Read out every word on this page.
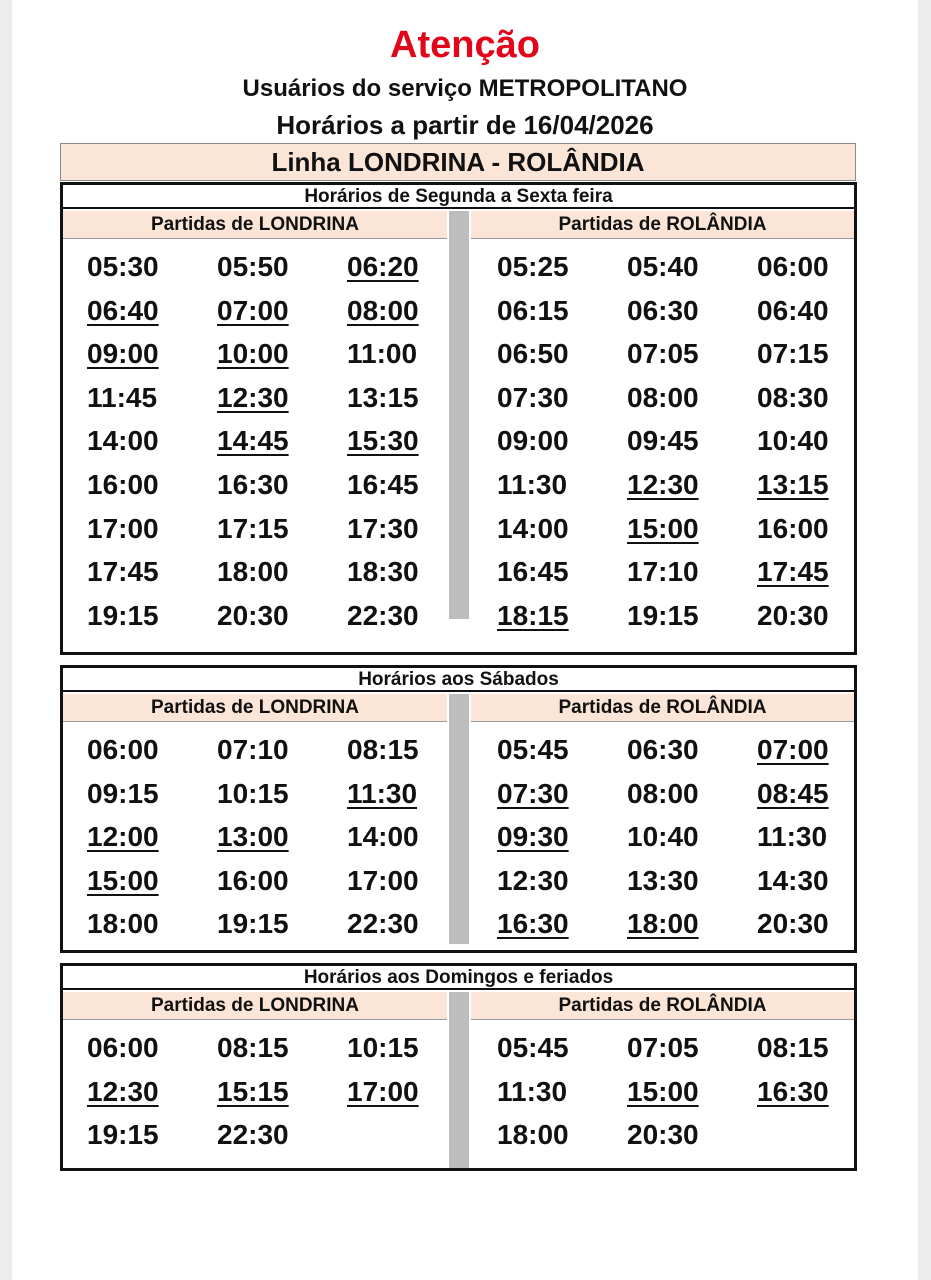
Atenção
Usuários do serviço METROPOLITANO
Horários a partir de 16/04/2026
Linha LONDRINA - ROLÂNDIA
Horários de Segunda a Sexta feira
Partidas de LONDRINA	Partidas de ROLÂNDIA
05:30	05:50	06:20
06:40	07:00	08:00
09:00	10:00	11:00
11:45	12:30	13:15
14:00	14:45	15:30
16:00	16:30	16:45
17:00	17:15	17:30
17:45	18:00	18:30
19:15	20:30	22:30
05:25	05:40	06:00
06:15	06:30	06:40
06:50	07:05	07:15
07:30	08:00	08:30
09:00	09:45	10:40
11:30	12:30	13:15
14:00	15:00	16:00
16:45	17:10	17:45
18:15	19:15	20:30
Horários aos Sábados
Partidas de LONDRINA	Partidas de ROLÂNDIA
06:00	07:10	08:15
09:15	10:15	11:30
12:00	13:00	14:00
15:00	16:00	17:00
18:00	19:15	22:30
05:45	06:30	07:00
07:30	08:00	08:45
09:30	10:40	11:30
12:30	13:30	14:30
16:30	18:00	20:30
Horários aos Domingos e feriados
Partidas de LONDRINA	Partidas de ROLÂNDIA
06:00	08:15	10:15
12:30	15:15	17:00
19:15	22:30
05:45	07:05	08:15
11:30	15:00	16:30
18:00	20:30
